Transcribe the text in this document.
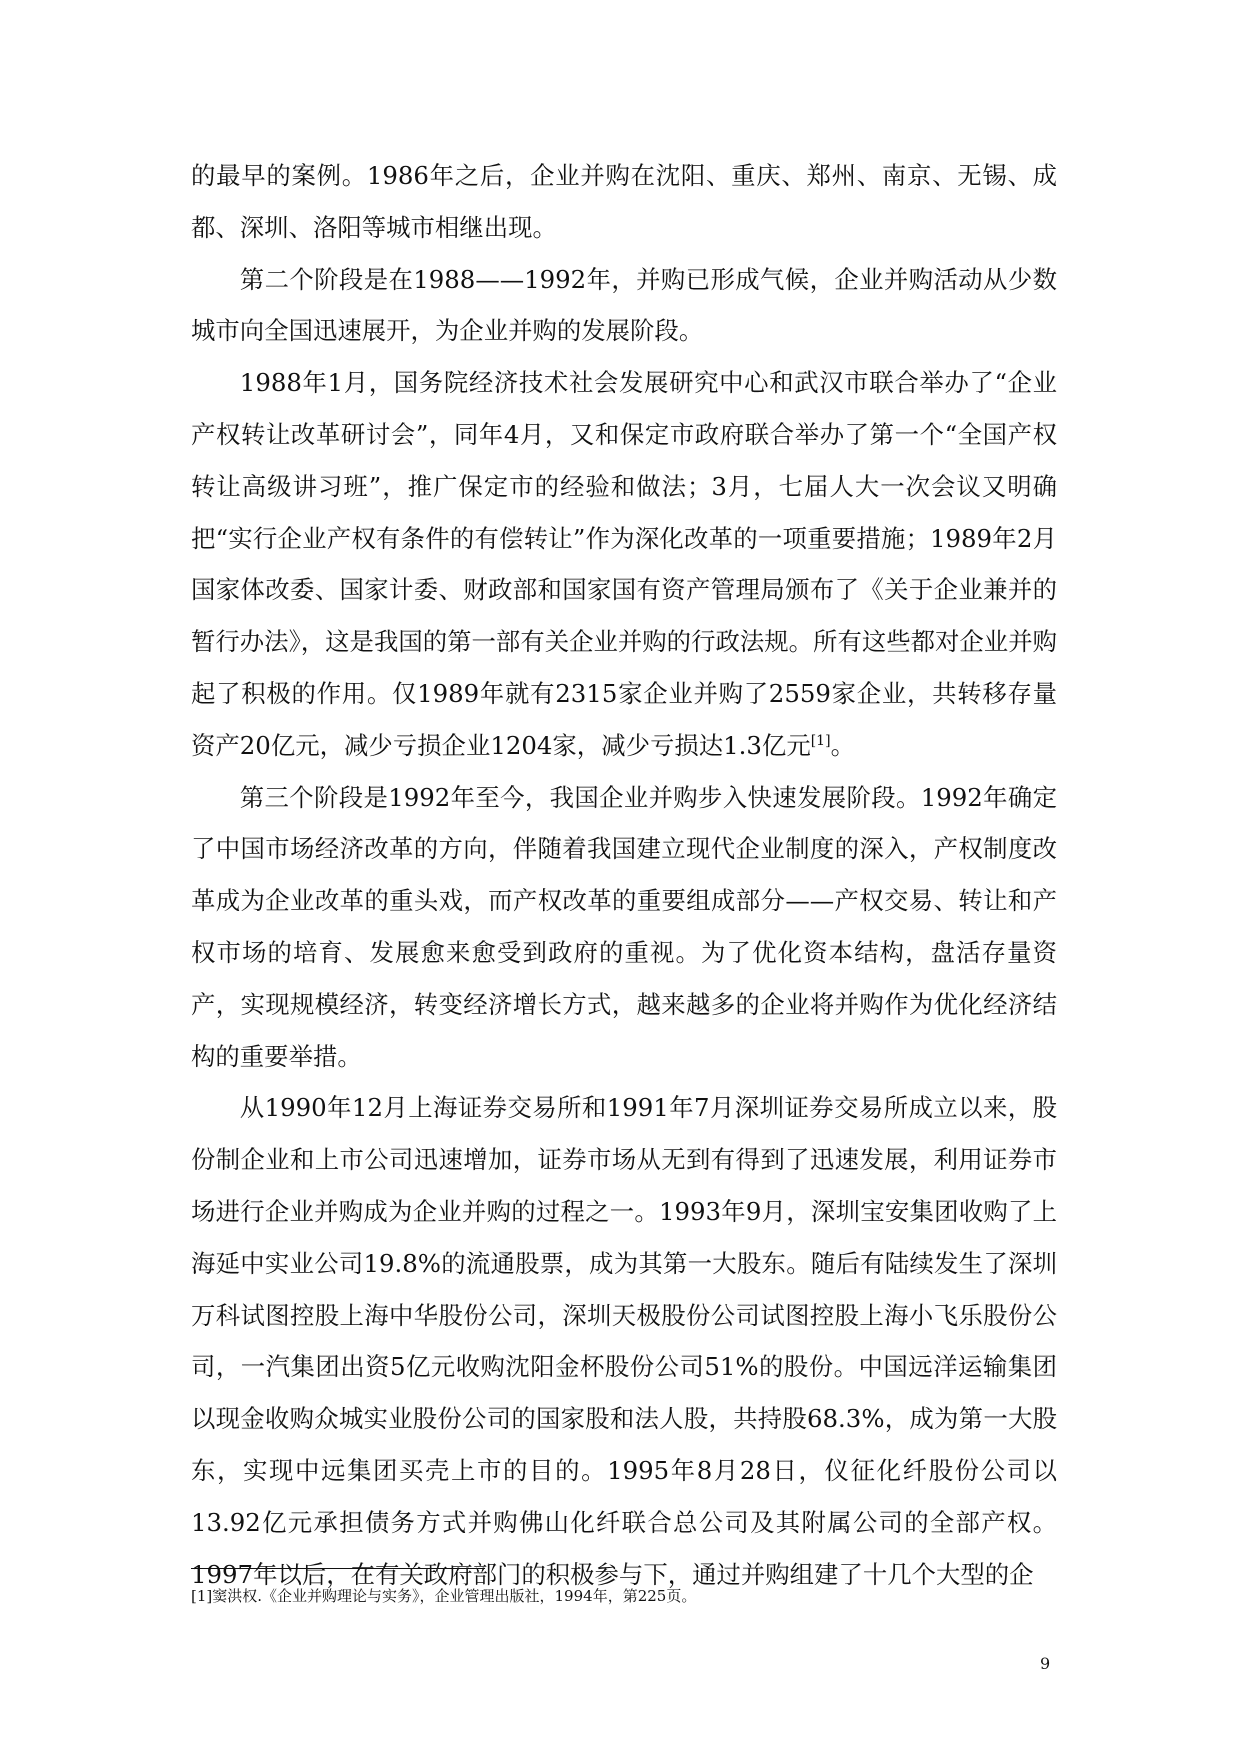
的最早的案例。1986年之后，企业并购在沈阳、重庆、郑州、南京、无锡、成都、深圳、洛阳等城市相继出现。

第二个阶段是在1988——1992年，并购已形成气候，企业并购活动从少数城市向全国迅速展开，为企业并购的发展阶段。

1988年1月，国务院经济技术社会发展研究中心和武汉市联合举办了“企业产权转让改革研讨会”，同年4月，又和保定市政府联合举办了第一个“全国产权转让高级讲习班”，推广保定市的经验和做法；3月，七届人大一次会议又明确把“实行企业产权有条件的有偿转让”作为深化改革的一项重要措施；1989年2月国家体改委、国家计委、财政部和国家国有资产管理局颁布了《关于企业兼并的暂行办法》，这是我国的第一部有关企业并购的行政法规。所有这些都对企业并购起了积极的作用。仅1989年就有2315家企业并购了2559家企业，共转移存量资产20亿元，减少亏损企业1204家，减少亏损达1.3亿元[1]。

第三个阶段是1992年至今，我国企业并购步入快速发展阶段。1992年确定了中国市场经济改革的方向，伴随着我国建立现代企业制度的深入，产权制度改革成为企业改革的重头戏，而产权改革的重要组成部分——产权交易、转让和产权市场的培育、发展愈来愈受到政府的重视。为了优化资本结构，盘活存量资产，实现规模经济，转变经济增长方式，越来越多的企业将并购作为优化经济结构的重要举措。

从1990年12月上海证券交易所和1991年7月深圳证券交易所成立以来，股份制企业和上市公司迅速增加，证券市场从无到有得到了迅速发展，利用证券市场进行企业并购成为企业并购的过程之一。1993年9月，深圳宝安集团收购了上海延中实业公司19.8%的流通股票，成为其第一大股东。随后有陆续发生了深圳万科试图控股上海中华股份公司，深圳天极股份公司试图控股上海小飞乐股份公司，一汽集团出资5亿元收购沈阳金杯股份公司51%的股份。中国远洋运输集团以现金收购众城实业股份公司的国家股和法人股，共持股68.3%，成为第一大股东，实现中远集团买壳上市的目的。1995年8月28日，仪征化纤股份公司以13.92亿元承担债务方式并购佛山化纤联合总公司及其附属公司的全部产权。1997年以后，在有关政府部门的积极参与下，通过并购组建了十几个大型的企

[1]窦洪权.《企业并购理论与实务》，企业管理出版社，1994年，第225页。
9
